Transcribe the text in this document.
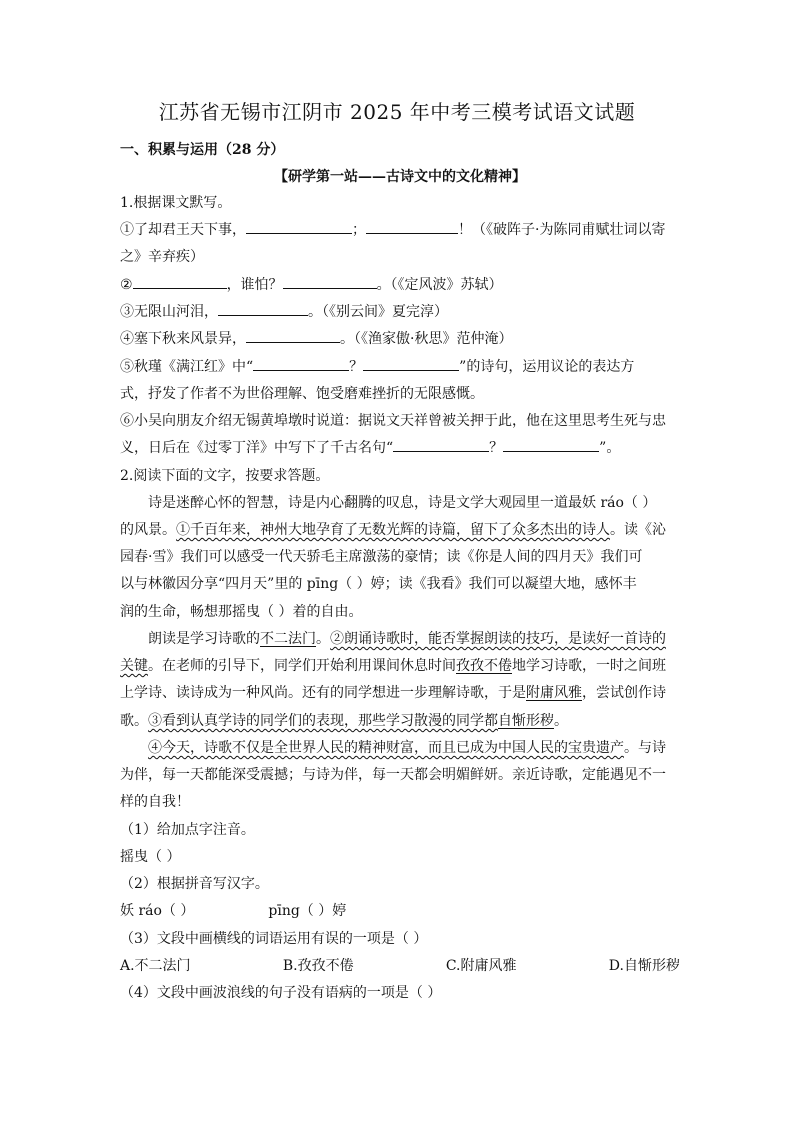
江苏省无锡市江阴市 2025 年中考三模考试语文试题
一、积累与运用（28 分）
【研学第一站——古诗文中的文化精神】
1.根据课文默写。
①了却君王天下事，	；	！（《破阵子·为陈同甫赋壮词以寄
之》辛弃疾）
②	，谁怕？	。（《定风波》苏轼）
③无限山河泪，	。（《别云间》夏完淳）
④塞下秋来风景异，	。（《渔家傲·秋思》范仲淹）
⑤秋瑾《满江红》中“	？	”的诗句，运用议论的表达方
式，抒发了作者不为世俗理解、饱受磨难挫折的无限感慨。
⑥小吴向朋友介绍无锡黄埠墩时说道：据说文天祥曾被关押于此，他在这里思考生死与忠
义，日后在《过零丁洋》中写下了千古名句“	？	”。
2.阅读下面的文字，按要求答题。
诗是迷醉心怀的智慧，诗是内心翻腾的叹息，诗是文学大观园里一道最妖 ráo（ ）
的风景。①千百年来，神州大地孕育了无数光辉的诗篇，留下了众多杰出的诗人。读《沁
园春·雪》我们可以感受一代天骄毛主席激荡的豪情；读《你是人间的四月天》我们可
以与林徽因分享“四月天”里的 pīng（ ）婷；读《我看》我们可以凝望大地，感怀丰
润的生命，畅想那摇曳（ ）着的自由。
朗读是学习诗歌的不二法门。②朗诵诗歌时，能否掌握朗读的技巧，是读好一首诗的
关键。在老师的引导下，同学们开始利用课间休息时间孜孜不倦地学习诗歌，一时之间班
上学诗、读诗成为一种风尚。还有的同学想进一步理解诗歌，于是附庸风雅，尝试创作诗
歌。③看到认真学诗的同学们的表现，那些学习散漫的同学都自惭形秽。
④今天，诗歌不仅是全世界人民的精神财富，而且已成为中国人民的宝贵遗产。与诗
为伴，每一天都能深受震撼；与诗为伴，每一天都会明媚鲜妍。亲近诗歌，定能遇见不一
样的自我！
（1）给加点字注音。
摇曳（ ）
（2）根据拼音写汉字。
妖 ráo（ ）	pīng（ ）婷
（3）文段中画横线的词语运用有误的一项是（ ）
A.不二法门	B.孜孜不倦	C.附庸风雅	D.自惭形秽
（4）文段中画波浪线的句子没有语病的一项是（ ）
